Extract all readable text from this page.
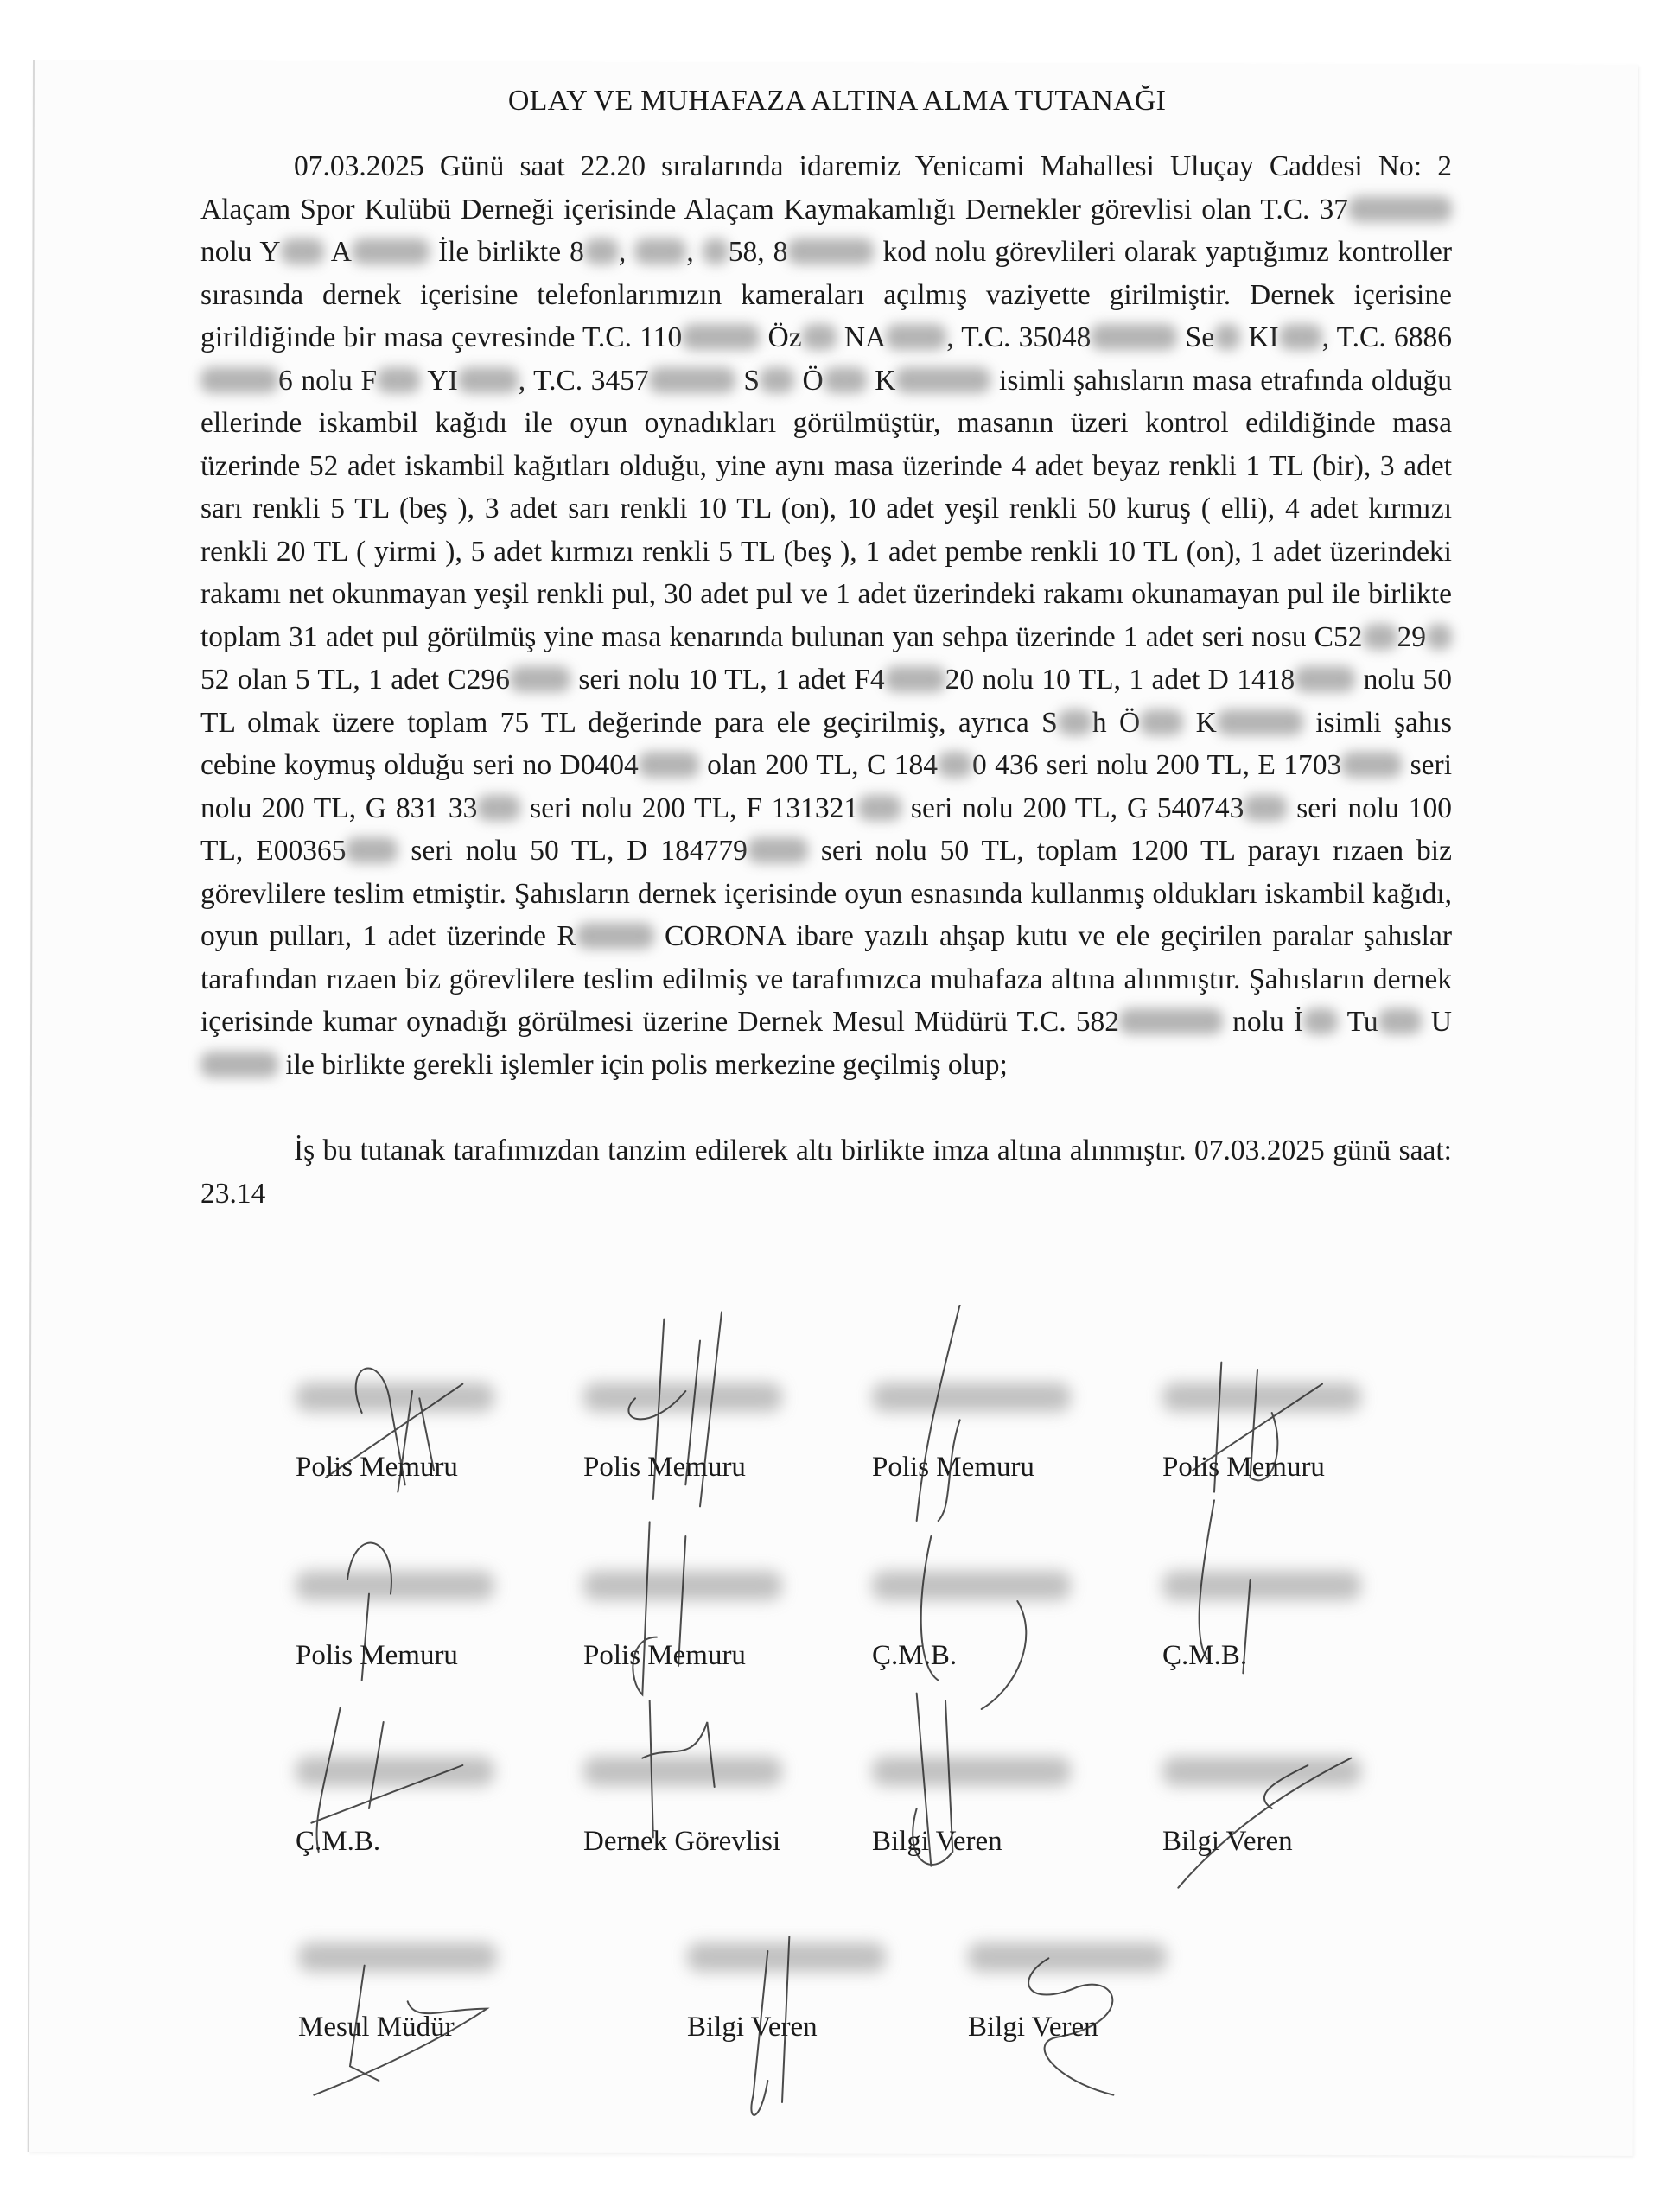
OLAY VE MUHAFAZA ALTINA ALMA TUTANAĞI

07.03.2025 Günü saat 22.20 sıralarında idaremiz Yenicami Mahallesi Uluçay Caddesi No: 2 Alaçam Spor Kulübü Derneği içerisinde Alaçam Kaymakamlığı Dernekler görevlisi olan T.C. 37 nolu Y A	İle birlikte 8 , , 58, 8	kod nolu görevlileri olarak yaptığımız kontroller sırasında dernek içerisine telefonlarımızın kameraları açılmış vaziyette girilmiştir. Dernek içerisine girildiğinde bir masa çevresinde T.C. 110	Öz NA , T.C. 35048	Se KI , T.C. 68866 nolu F YI , T.C. 3457	S Ö K	isimli şahısların masa etrafında olduğu ellerinde iskambil kağıdı ile oyun oynadıkları görülmüştür, masanın üzeri kontrol edildiğinde masa üzerinde 52 adet iskambil kağıtları olduğu, yine aynı masa üzerinde 4 adet beyaz renkli 1 TL (bir), 3 adet sarı renkli 5 TL (beş ), 3 adet sarı renkli 10 TL (on), 10 adet yeşil renkli 50 kuruş ( elli), 4 adet kırmızı renkli 20 TL ( yirmi ), 5 adet kırmızı renkli 5 TL (beş ), 1 adet pembe renkli 10 TL (on), 1 adet üzerindeki rakamı net okunmayan yeşil renkli pul, 30 adet pul ve 1 adet üzerindeki rakamı okunamayan pul ile birlikte toplam 31 adet pul görülmüş yine masa kenarında bulunan yan sehpa üzerinde 1 adet seri nosu C52 2952 olan 5 TL, 1 adet C296 seri nolu 10 TL, 1 adet F4 20 nolu 10 TL, 1 adet D 1418 nolu 50 TL olmak üzere toplam 75 TL değerinde para ele geçirilmiş, ayrıca S h Ö K	isimli şahıs cebine koymuş olduğu seri no D0404 olan 200 TL, C 184 0 436 seri nolu 200 TL, E 1703 seri nolu 200 TL, G 831 33 seri nolu 200 TL, F 131321 seri nolu 200 TL, G 540743 seri nolu 100 TL, E00365 seri nolu 50 TL, D 184779 seri nolu 50 TL, toplam 1200 TL parayı rızaen biz görevlilere teslim etmiştir. Şahısların dernek içerisinde oyun esnasında kullanmış oldukları iskambil kağıdı, oyun pulları, 1 adet üzerinde R	CORONA ibare yazılı ahşap kutu ve ele geçirilen paralar şahıslar tarafından rızaen biz görevlilere teslim edilmiş ve tarafımızca muhafaza altına alınmıştır. Şahısların dernek içerisinde kumar oynadığı görülmesi üzerine Dernek Mesul Müdürü T.C. 582	nolu İ Tu U ile birlikte gerekli işlemler için polis merkezine geçilmiş olup;

İş bu tutanak tarafımızdan tanzim edilerek altı birlikte imza altına alınmıştır. 07.03.2025 günü saat: 23.14

Polis Memuru	Polis Memuru	Polis Memuru	Polis Memuru
Polis Memuru	Polis Memuru	Ç.M.B.	Ç.M.B.
Ç.M.B.	Dernek Görevlisi	Bilgi Veren	Bilgi Veren
Mesul Müdür	Bilgi Veren	Bilgi Veren
